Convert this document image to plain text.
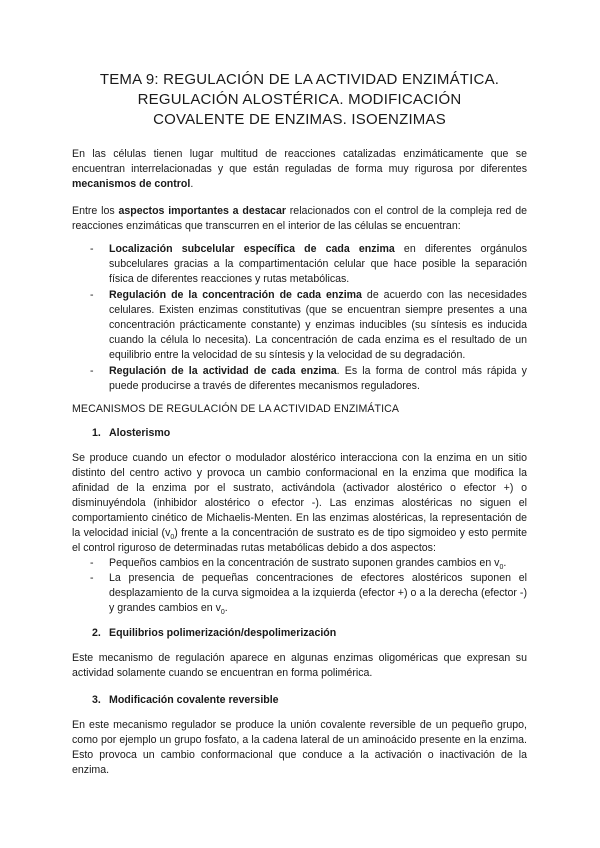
TEMA 9: REGULACIÓN DE LA ACTIVIDAD ENZIMÁTICA.
REGULACIÓN ALOSTÉRICA. MODIFICACIÓN
COVALENTE DE ENZIMAS. ISOENZIMAS

En las células tienen lugar multitud de reacciones catalizadas enzimáticamente que se encuentran interrelacionadas y que están reguladas de forma muy rigurosa por diferentes mecanismos de control.

Entre los aspectos importantes a destacar relacionados con el control de la compleja red de reacciones enzimáticas que transcurren en el interior de las células se encuentran:

- Localización subcelular específica de cada enzima en diferentes orgánulos subcelulares gracias a la compartimentación celular que hace posible la separación física de diferentes reacciones y rutas metabólicas.
- Regulación de la concentración de cada enzima de acuerdo con las necesidades celulares. Existen enzimas constitutivas (que se encuentran siempre presentes a una concentración prácticamente constante) y enzimas inducibles (su síntesis es inducida cuando la célula lo necesita). La concentración de cada enzima es el resultado de un equilibrio entre la velocidad de su síntesis y la velocidad de su degradación.
- Regulación de la actividad de cada enzima. Es la forma de control más rápida y puede producirse a través de diferentes mecanismos reguladores.

MECANISMOS DE REGULACIÓN DE LA ACTIVIDAD ENZIMÁTICA

1. Alosterismo

Se produce cuando un efector o modulador alostérico interacciona con la enzima en un sitio distinto del centro activo y provoca un cambio conformacional en la enzima que modifica la afinidad de la enzima por el sustrato, activándola (activador alostérico o efector +) o disminuyéndola (inhibidor alostérico o efector -). Las enzimas alostéricas no siguen el comportamiento cinético de Michaelis-Menten. En las enzimas alostéricas, la representación de la velocidad inicial $(v_0)$ frente a la concentración de sustrato es de tipo sigmoideo y esto permite el control riguroso de determinadas rutas metabólicas debido a dos aspectos:

- Pequeños cambios en la concentración de sustrato suponen grandes cambios en $v_0$.
- La presencia de pequeñas concentraciones de efectores alostéricos suponen el desplazamiento de la curva sigmoidea a la izquierda (efector +) o a la derecha (efector -) y grandes cambios en $v_0$.
2. Equilibrios polimerización/despolimerización

Este mecanismo de regulación aparece en algunas enzimas oligoméricas que expresan su actividad solamente cuando se encuentran en forma polimérica.

3. Modificación covalente reversible

En este mecanismo regulador se produce la unión covalente reversible de un pequeño grupo, como por ejemplo un grupo fosfato, a la cadena lateral de un aminoácido presente en la enzima. Esto provoca un cambio conformacional que conduce a la activación o inactivación de la enzima.
